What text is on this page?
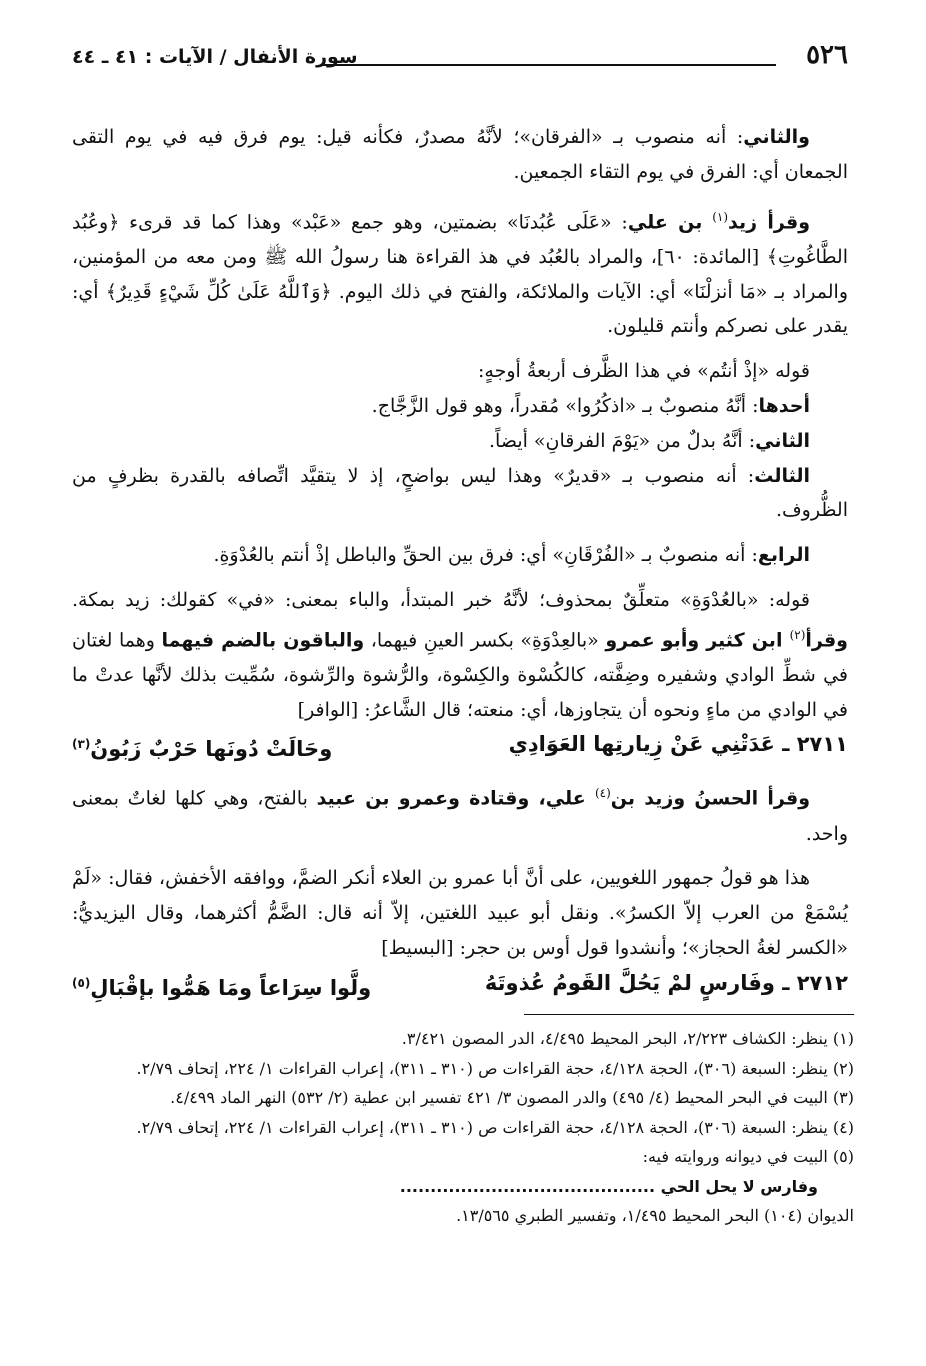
٥٢٦
سورة الأنفال / الآيات : ٤١ ـ ٤٤

والثاني: أنه منصوب بـ «الفرقان»؛ لأنَّهُ مصدرٌ، فكأنه قيل: يوم فرق فيه في يوم التقى الجمعان أي: الفرق في يوم التقاء الجمعين.

وقرأ زيد$^{(١)}$ بن علي: «عَلَى عُبُدنَا» بضمتين، وهو جمع «عَبْد» وهذا كما قد قرىء ﴿وعُبُد الطَّاغُوتِ﴾ [المائدة: ٦٠]، والمراد بالعُبُد في هذ القراءة هنا رسولُ الله ﷺ ومن معه من المؤمنين، والمراد بـ «مَا أنزلْنَا» أي: الآيات والملائكة، والفتح في ذلك اليوم. ﴿وَٱللَّهُ عَلَىٰ كُلِّ شَيْءٍ قَدِيرٌ﴾ أي: يقدر على نصركم وأنتم قليلون.

قوله «إذْ أنتُم» في هذا الظَّرف أربعةُ أوجهٍ:

أحدها: أنَّهُ منصوبٌ بـ «اذكُرُوا» مُقدراً، وهو قول الزَّجَّاج.

الثاني: أنَّهُ بدلٌ من «يَوْمَ الفرقانِ» أيضاً.

الثالث: أنه منصوب بـ «قديرٌ» وهذا ليس بواضحٍ، إذ لا يتقيَّد اتِّصافه بالقدرة بظرفٍ من الظُّروف.

الرابع: أنه منصوبٌ بـ «الفُرْقَانِ» أي: فرق بين الحقِّ والباطل إذْ أنتم بالعُدْوَةِ.

قوله: «بالعُدْوَةِ» متعلِّقٌ بمحذوف؛ لأنَّهُ خبر المبتدأ، والباء بمعنى: «في» كقولك: زيد بمكة. وقرأ$^{(٢)}$ ابن كثير وأبو عمرو «بالعِدْوَةِ» بكسر العينِ فيهما، والباقون بالضم فيهما وهما لغتان في شطِّ الوادي وشفيره وضِفَّته، كالكُسْوة والكِسْوة، والرُّشوة والرِّشوة، سُمِّيت بذلك لأنَّها عدتْ ما في الوادي من ماءٍ ونحوه أن يتجاوزها، أي: منعته؛ قال الشَّاعرُ: [الوافر]

٢٧١١ ـ عَدَتْنِي عَنْ زِيارتِها العَوَادِي
وحَالَتْ دُونَها حَرْبٌ زَبُونُ$^{(٣)}$

وقرأ الحسنُ وزيد بن$^{(٤)}$ علي، وقتادة وعمرو بن عبيد بالفتح، وهي كلها لغاتٌ بمعنى واحد.

هذا هو قولُ جمهور اللغويين، على أنَّ أبا عمرو بن العلاء أنكر الضمَّ، ووافقه الأخفش، فقال: «لَمْ يُسْمَعْ من العرب إلاّ الكسرُ». ونقل أبو عبيد اللغتين، إلاّ أنه قال: الضَّمُّ أكثرهما، وقال اليزيديُّ: «الكسر لغةُ الحجاز»؛ وأنشدوا قول أوس بن حجر: [البسيط]

٢٧١٢ ـ وفَارسٍ لمْ يَحُلَّ القَومُ عُذوتَهُ
ولَّوا سِرَاعاً ومَا هَمُّوا بإقْبَالِ$^{(٥)}$

(١) ينظر: الكشاف ٢/٢٢٣، البحر المحيط ٤/٤٩٥، الدر المصون ٣/٤٢١.

(٢) ينظر: السبعة (٣٠٦)، الحجة ٤/١٢٨، حجة القراءات ص (٣١٠ ـ ٣١١)، إعراب القراءات ١/ ٢٢٤، إتحاف ٢/٧٩.

(٣) البيت في البحر المحيط (٤/ ٤٩٥) والدر المصون ٣/ ٤٢١ تفسير ابن عطية (٢/ ٥٣٢) النهر الماد ٤/٤٩٩.

(٤) ينظر: السبعة (٣٠٦)، الحجة ٤/١٢٨، حجة القراءات ص (٣١٠ ـ ٣١١)، إعراب القراءات ١/ ٢٢٤، إتحاف ٢/٧٩.

(٥) البيت في ديوانه وروايته فيه:

وفارس لا يحل الحي ..........................................

الديوان (١٠٤) البحر المحيط ١/٤٩٥، وتفسير الطبري ١٣/٥٦٥.
